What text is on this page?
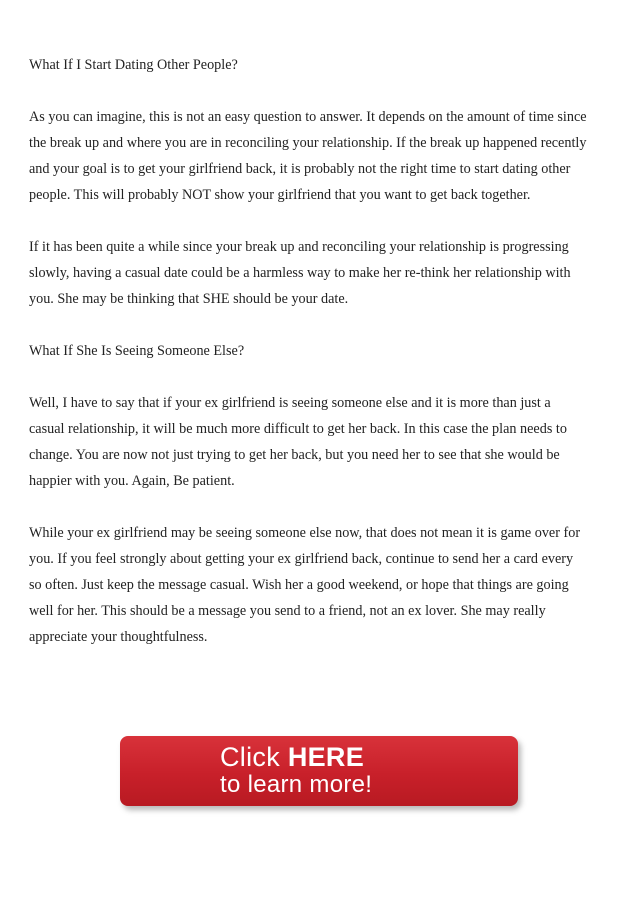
What If I Start Dating Other People?

As you can imagine, this is not an easy question to answer. It depends on the amount of time since the break up and where you are in reconciling your relationship. If the break up happened recently and your goal is to get your girlfriend back, it is probably not the right time to start dating other people. This will probably NOT show your girlfriend that you want to get back together.

If it has been quite a while since your break up and reconciling your relationship is progressing slowly, having a casual date could be a harmless way to make her re-think her relationship with you. She may be thinking that SHE should be your date.

What If She Is Seeing Someone Else?

Well, I have to say that if your ex girlfriend is seeing someone else and it is more than just a casual relationship, it will be much more difficult to get her back. In this case the plan needs to change. You are now not just trying to get her back, but you need her to see that she would be happier with you. Again, Be patient.

While your ex girlfriend may be seeing someone else now, that does not mean it is game over for you. If you feel strongly about getting your ex girlfriend back, continue to send her a card every so often. Just keep the message casual. Wish her a good weekend, or hope that things are going well for her. This should be a message you send to a friend, not an ex lover. She may really appreciate your thoughtfulness.

Click HERE
to learn more!
